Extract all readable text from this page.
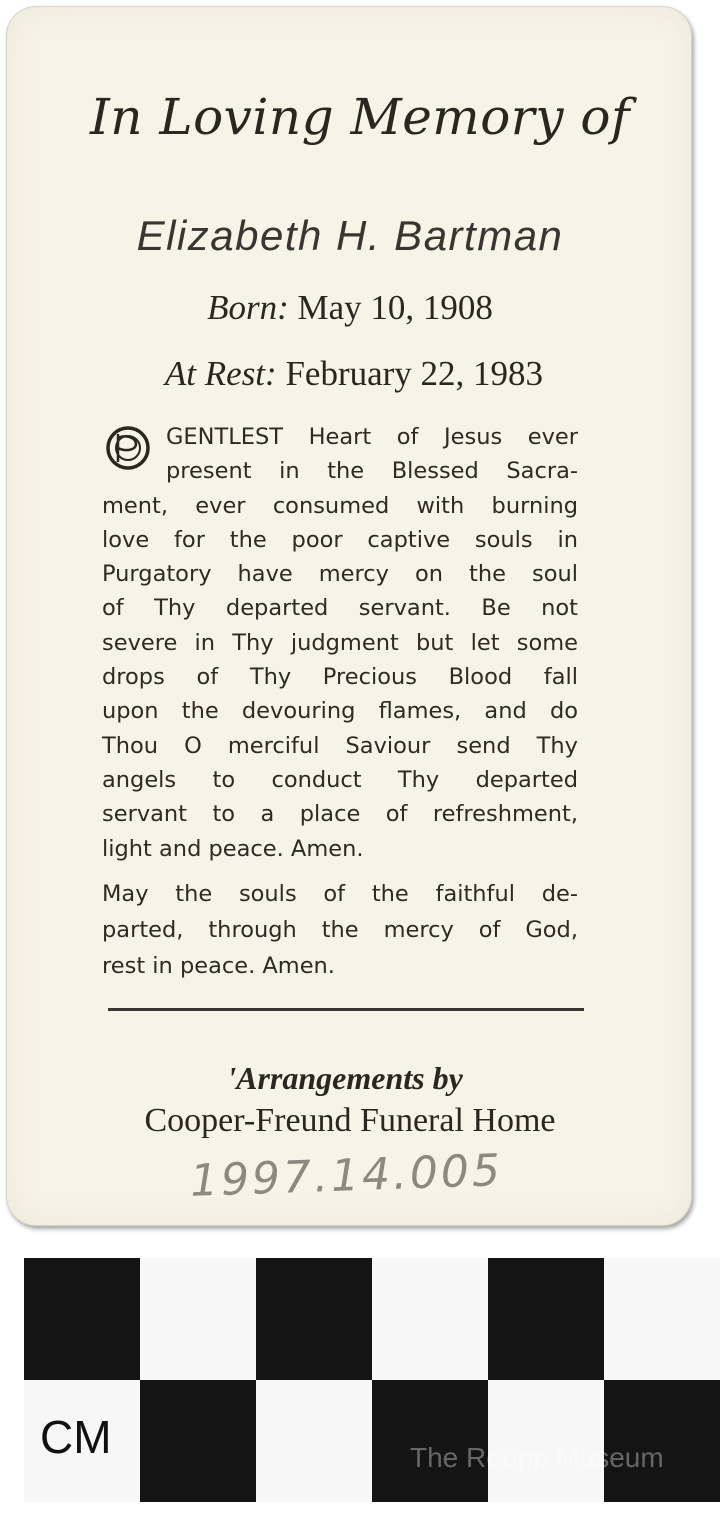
In Loving Memory of
Elizabeth H. Bartman
Born: May 10, 1908
At Rest: February 22, 1983
GENTLEST Heart of Jesus ever
present in the Blessed Sacra-
ment, ever consumed with burning
love for the poor captive souls in
Purgatory have mercy on the soul
of Thy departed servant. Be not
severe in Thy judgment but let some
drops of Thy Precious Blood fall
upon the devouring flames, and do
Thou O merciful Saviour send Thy
angels to conduct Thy departed
servant to a place of refreshment,
light and peace. Amen.
May the souls of the faithful de-
parted, through the mercy of God,
rest in peace. Amen.
'Arrangements by
Cooper-Freund Funeral Home
1997.14.005
CM	The Reupp Museum
